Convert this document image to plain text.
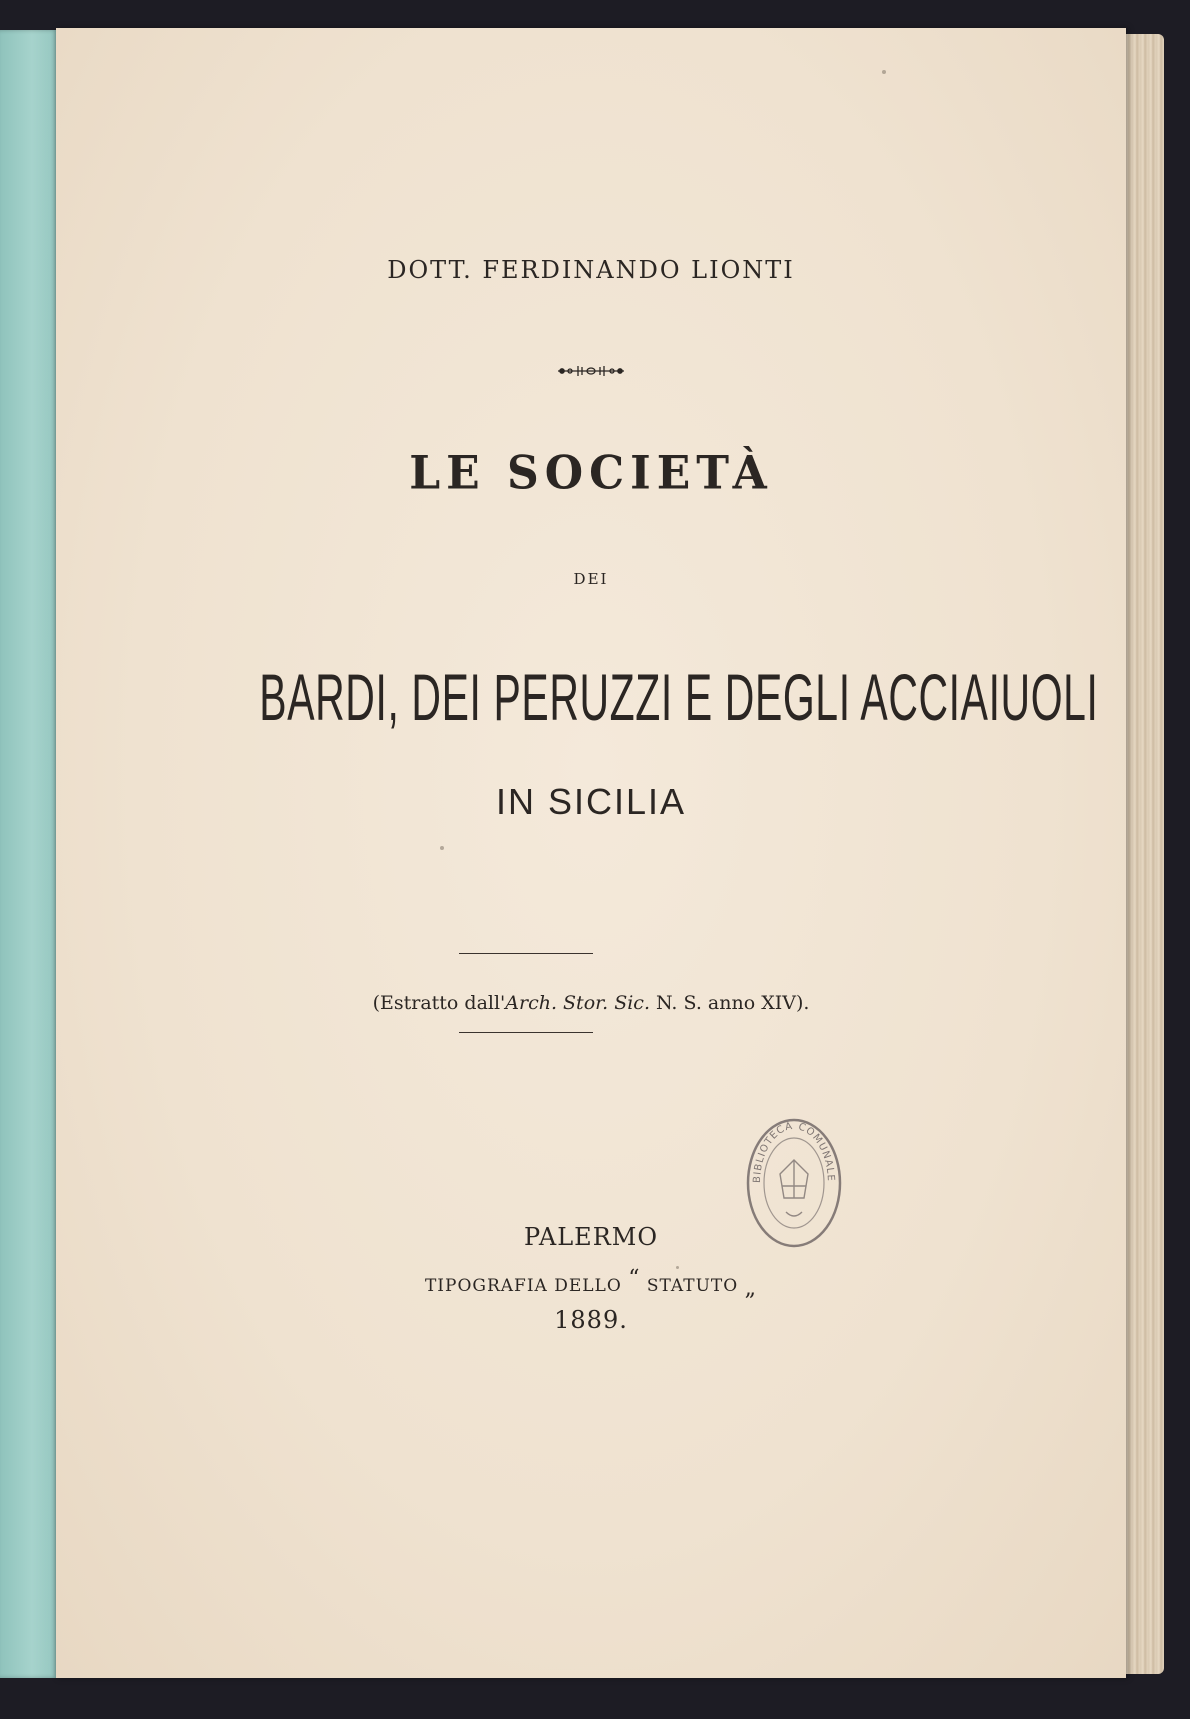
DOTT. FERDINANDO LIONTI
LE SOCIETÀ
DEI
BARDI, DEI PERUZZI E DEGLI ACCIAIUOLI
IN SICILIA
(Estratto dall'Arch. Stor. Sic. N. S. anno XIV).
BIBLIOTECA COMUNALE
PALERMO
TIPOGRAFIA DELLO “ STATUTO „
1889.
